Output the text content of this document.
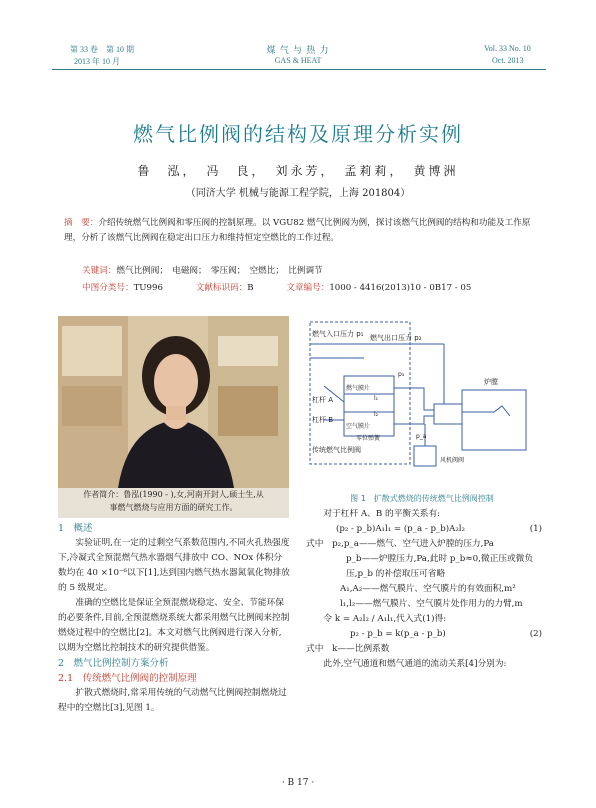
第 33 卷　第 10 期
2013 年 10 月
煤 气 与 热 力
GAS & HEAT
Vol. 33 No. 10
Oct. 2013
燃气比例阀的结构及原理分析实例
鲁　泓，　冯　良，　刘永芳，　孟莉莉，　黄博洲
（同济大学 机械与能源工程学院，上海 201804）
摘　要：介绍传统燃气比例阀和零压阀的控制原理。以 VGU82 燃气比例阀为例，探讨该燃气比例阀的结构和功能及工作原理，分析了该燃气比例阀在稳定出口压力和维持恒定空燃比的工作过程。
关键词：燃气比例阀；　电磁阀；　零压阀；　空燃比；　比例调节
中图分类号：TU996	文献标识码：B	文章编号：1000 - 4416(2013)10 - 0B17 - 05
作者简介：鲁泓(1990 - ),女,河南开封人,硕士生,从
事燃气燃烧与应用方面的研究工作。

1　概述

实验证明,在一定的过剩空气系数范围内,不同火孔热强度下,冷凝式全预混燃气热水器烟气排放中 CO、NOx 体积分数均在 40 ×10⁻⁶以下[1],达到国内燃气热水器氮氧化物排放的 5 级规定。

准确的空燃比是保证全预混燃烧稳定、安全、节能环保的必要条件,目前,全预混燃烧系统大都采用燃气比例阀来控制燃烧过程中的空燃比[2]。本文对燃气比例阀进行深入分析,以期为空燃比控制技术的研究提供借鉴。

2　燃气比例控制方案分析

2.1　传统燃气比例阀的控制原理

扩散式燃烧时,常采用传统的气动燃气比例阀控制燃烧过程中的空燃比[3],见图 1。

燃气入口压力 p₁ 燃气出口压力 p₂
杠杆 A
杠杆 B
燃气膜片
空气膜片
零位弹簧
传统燃气比例阀
炉膛
风机阀阀
p₃
l₁
l₂
p_a
图 1　扩散式燃烧的传统燃气比例阀控制

对于杠杆 A、B 的平衡关系有:

(p₂ - p_b)A₁l₁ = (p_a - p_b)A₂l₂	(1)

式中　p₂,p_a——燃气、空气进入炉膛的压力,Pa

p_b——炉膛压力,Pa,此时 p_b≈0,微正压或微负压,p_b 的补偿取压可省略

A₁,A₂——燃气膜片、空气膜片的有效面积,m²

l₁,l₂——燃气膜片、空气膜片处作用力的力臂,m

令 k = A₂l₂ / A₁l₁,代入式(1)得:

p₂ - p_b = k(p_a - p_b)	(2)

式中　k——比例系数

此外,空气通道和燃气通道的流动关系[4]分别为:

· B 17 ·
